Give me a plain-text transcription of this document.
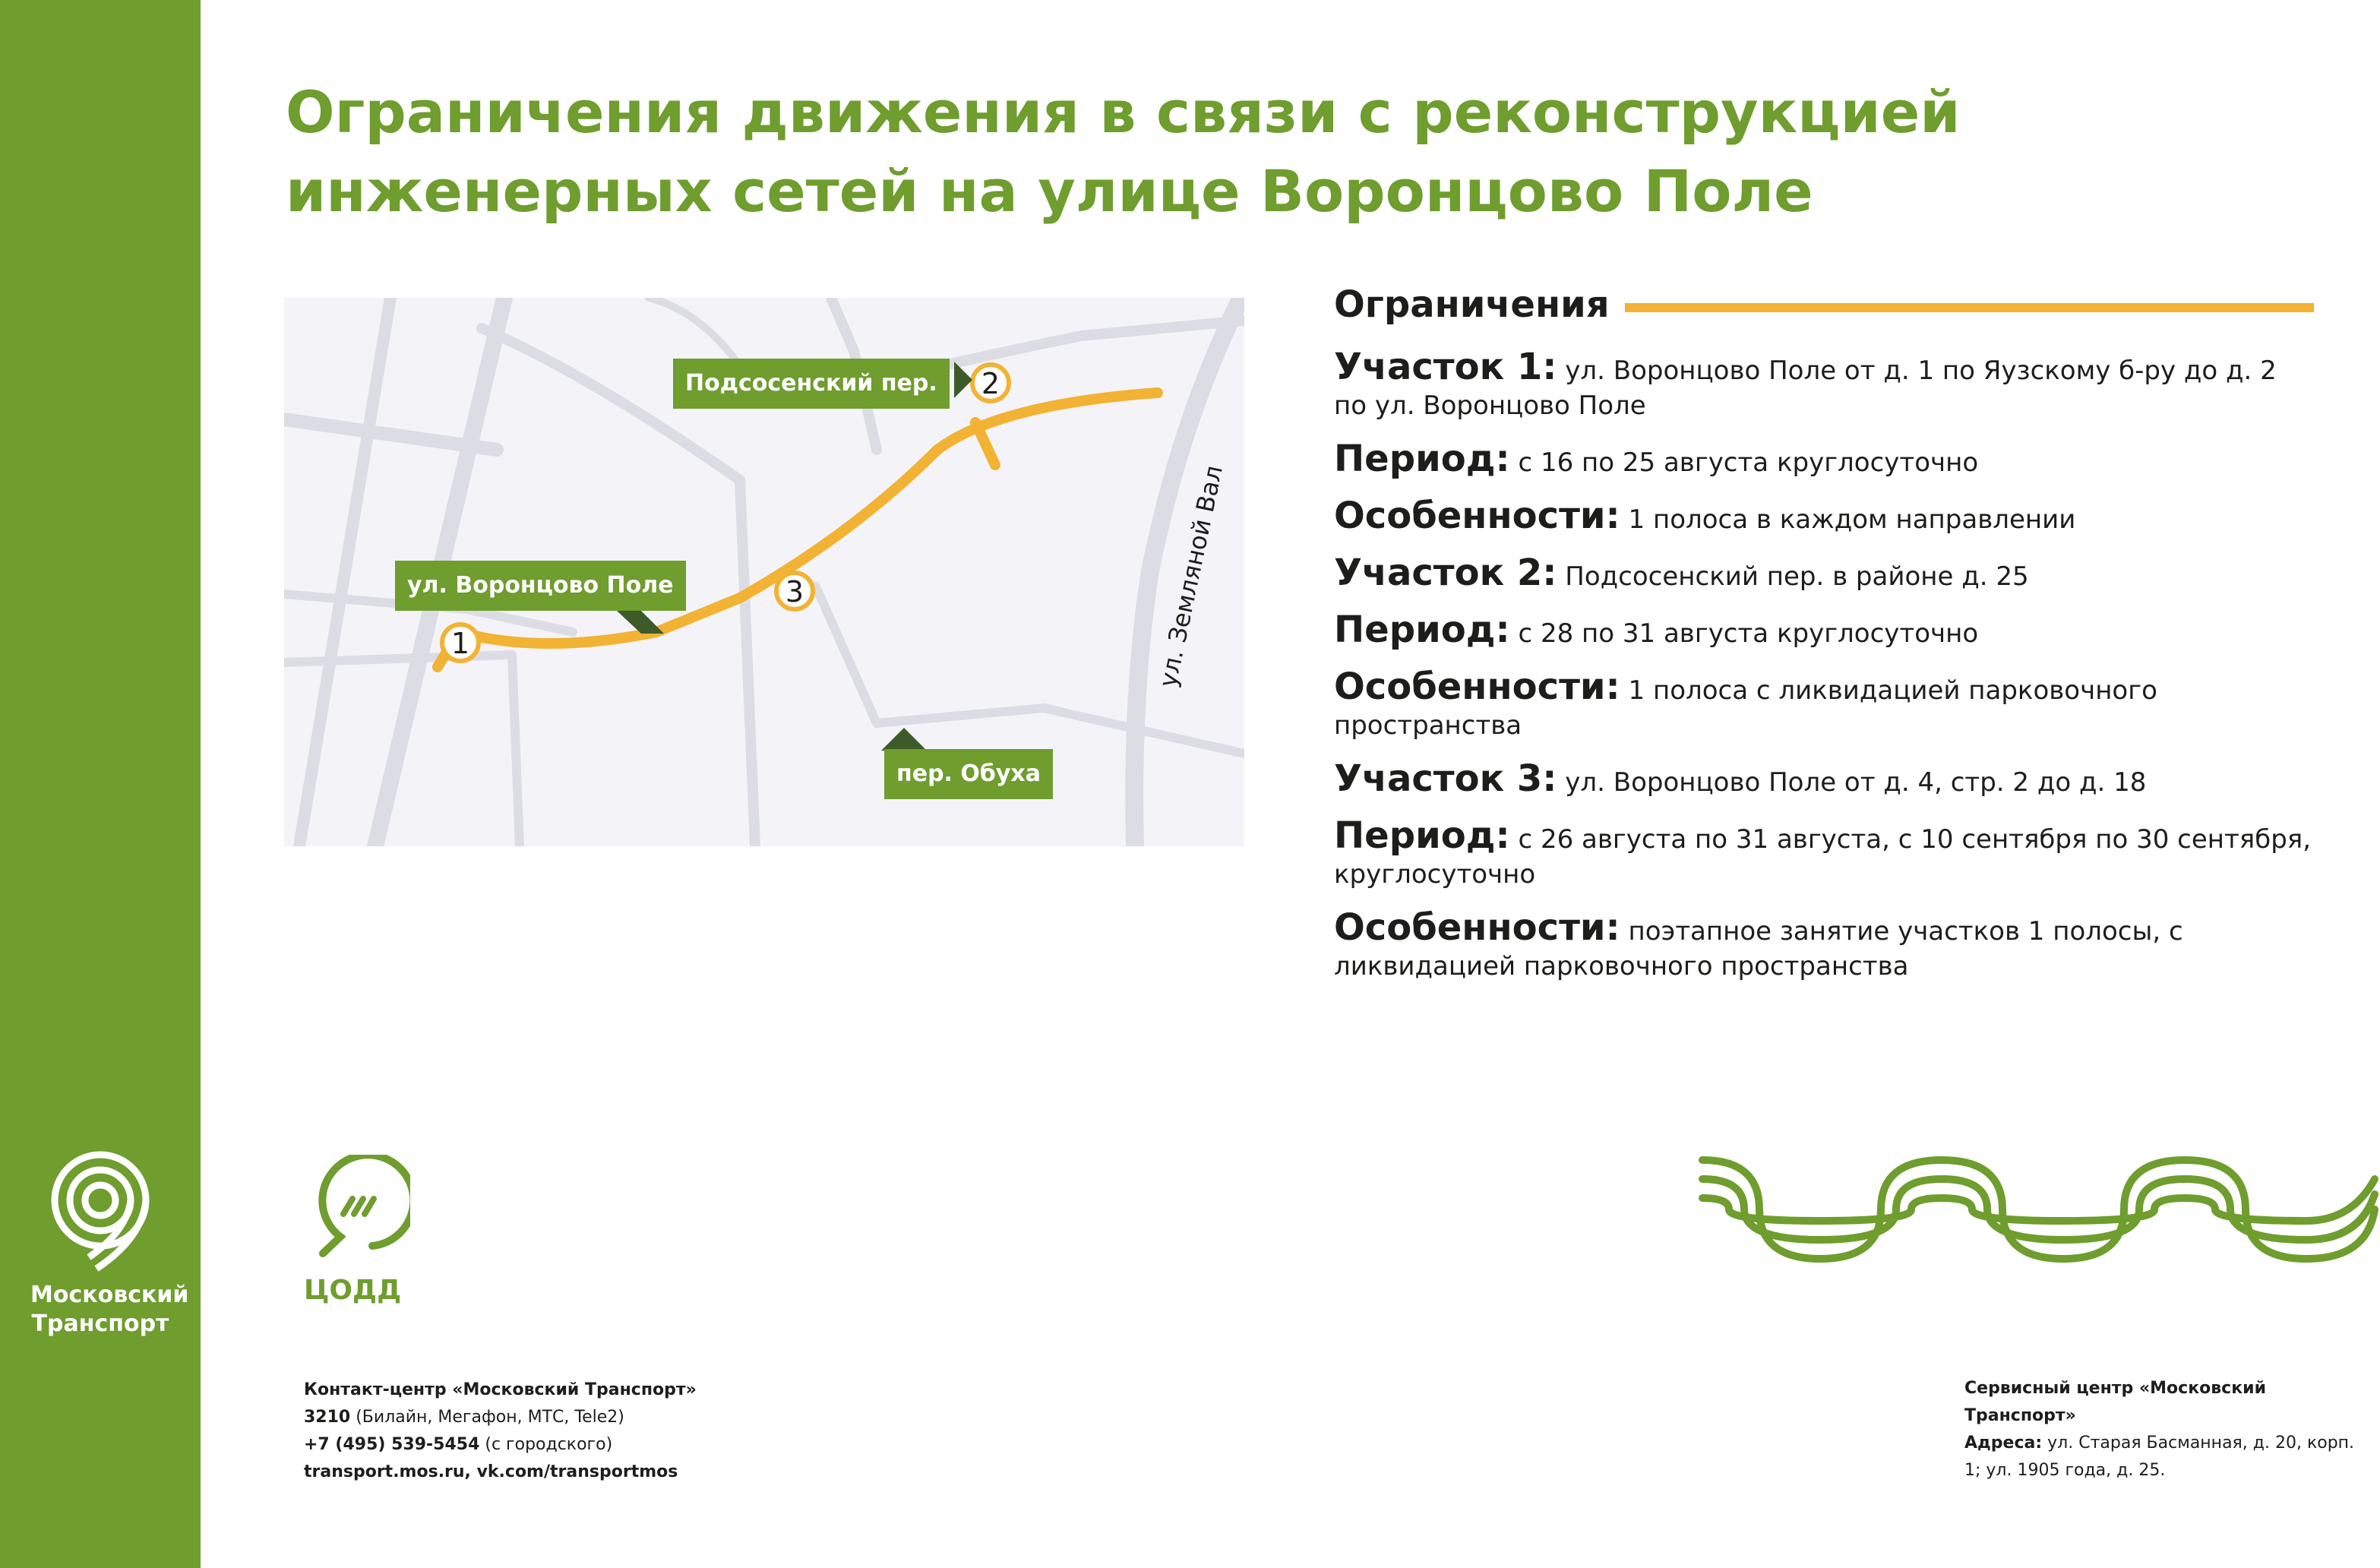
Московский
Транспорт
Ограничения движения в связи с реконструкцией
инженерных сетей на улице Воронцово Поле
1
2
3
Подсосенский пер.
ул. Воронцово Поле
пер. Обуха
ул. Земляной Вал
Ограничения
Участок 1: ул. Воронцово Поле от д. 1 по Яузскому б-ру до д. 2 по ул. Воронцово Поле
Период: с 16 по 25 августа круглосуточно
Особенности: 1 полоса в каждом направлении
Участок 2: Подсосенский пер. в районе д. 25
Период: с 28 по 31 августа круглосуточно
Особенности: 1 полоса с ликвидацией парковочного пространства
Участок 3: ул. Воронцово Поле от д. 4, стр. 2 до д. 18
Период: с 26 августа по 31 августа, с 10 сентября по 30 сентября, круглосуточно
Особенности: поэтапное занятие участков 1 полосы, с ликвидацией парковочного пространства
ЦОДД
Контакт-центр «Московский Транспорт»
3210 (Билайн, Мегафон, МТС, Tele2)
+7 (495) 539-5454 (с городского)
transport.mos.ru, vk.com/transportmos
Сервисный центр «Московский Транспорт»
Адреса: ул. Старая Басманная, д. 20, корп. 1; ул. 1905 года, д. 25.
